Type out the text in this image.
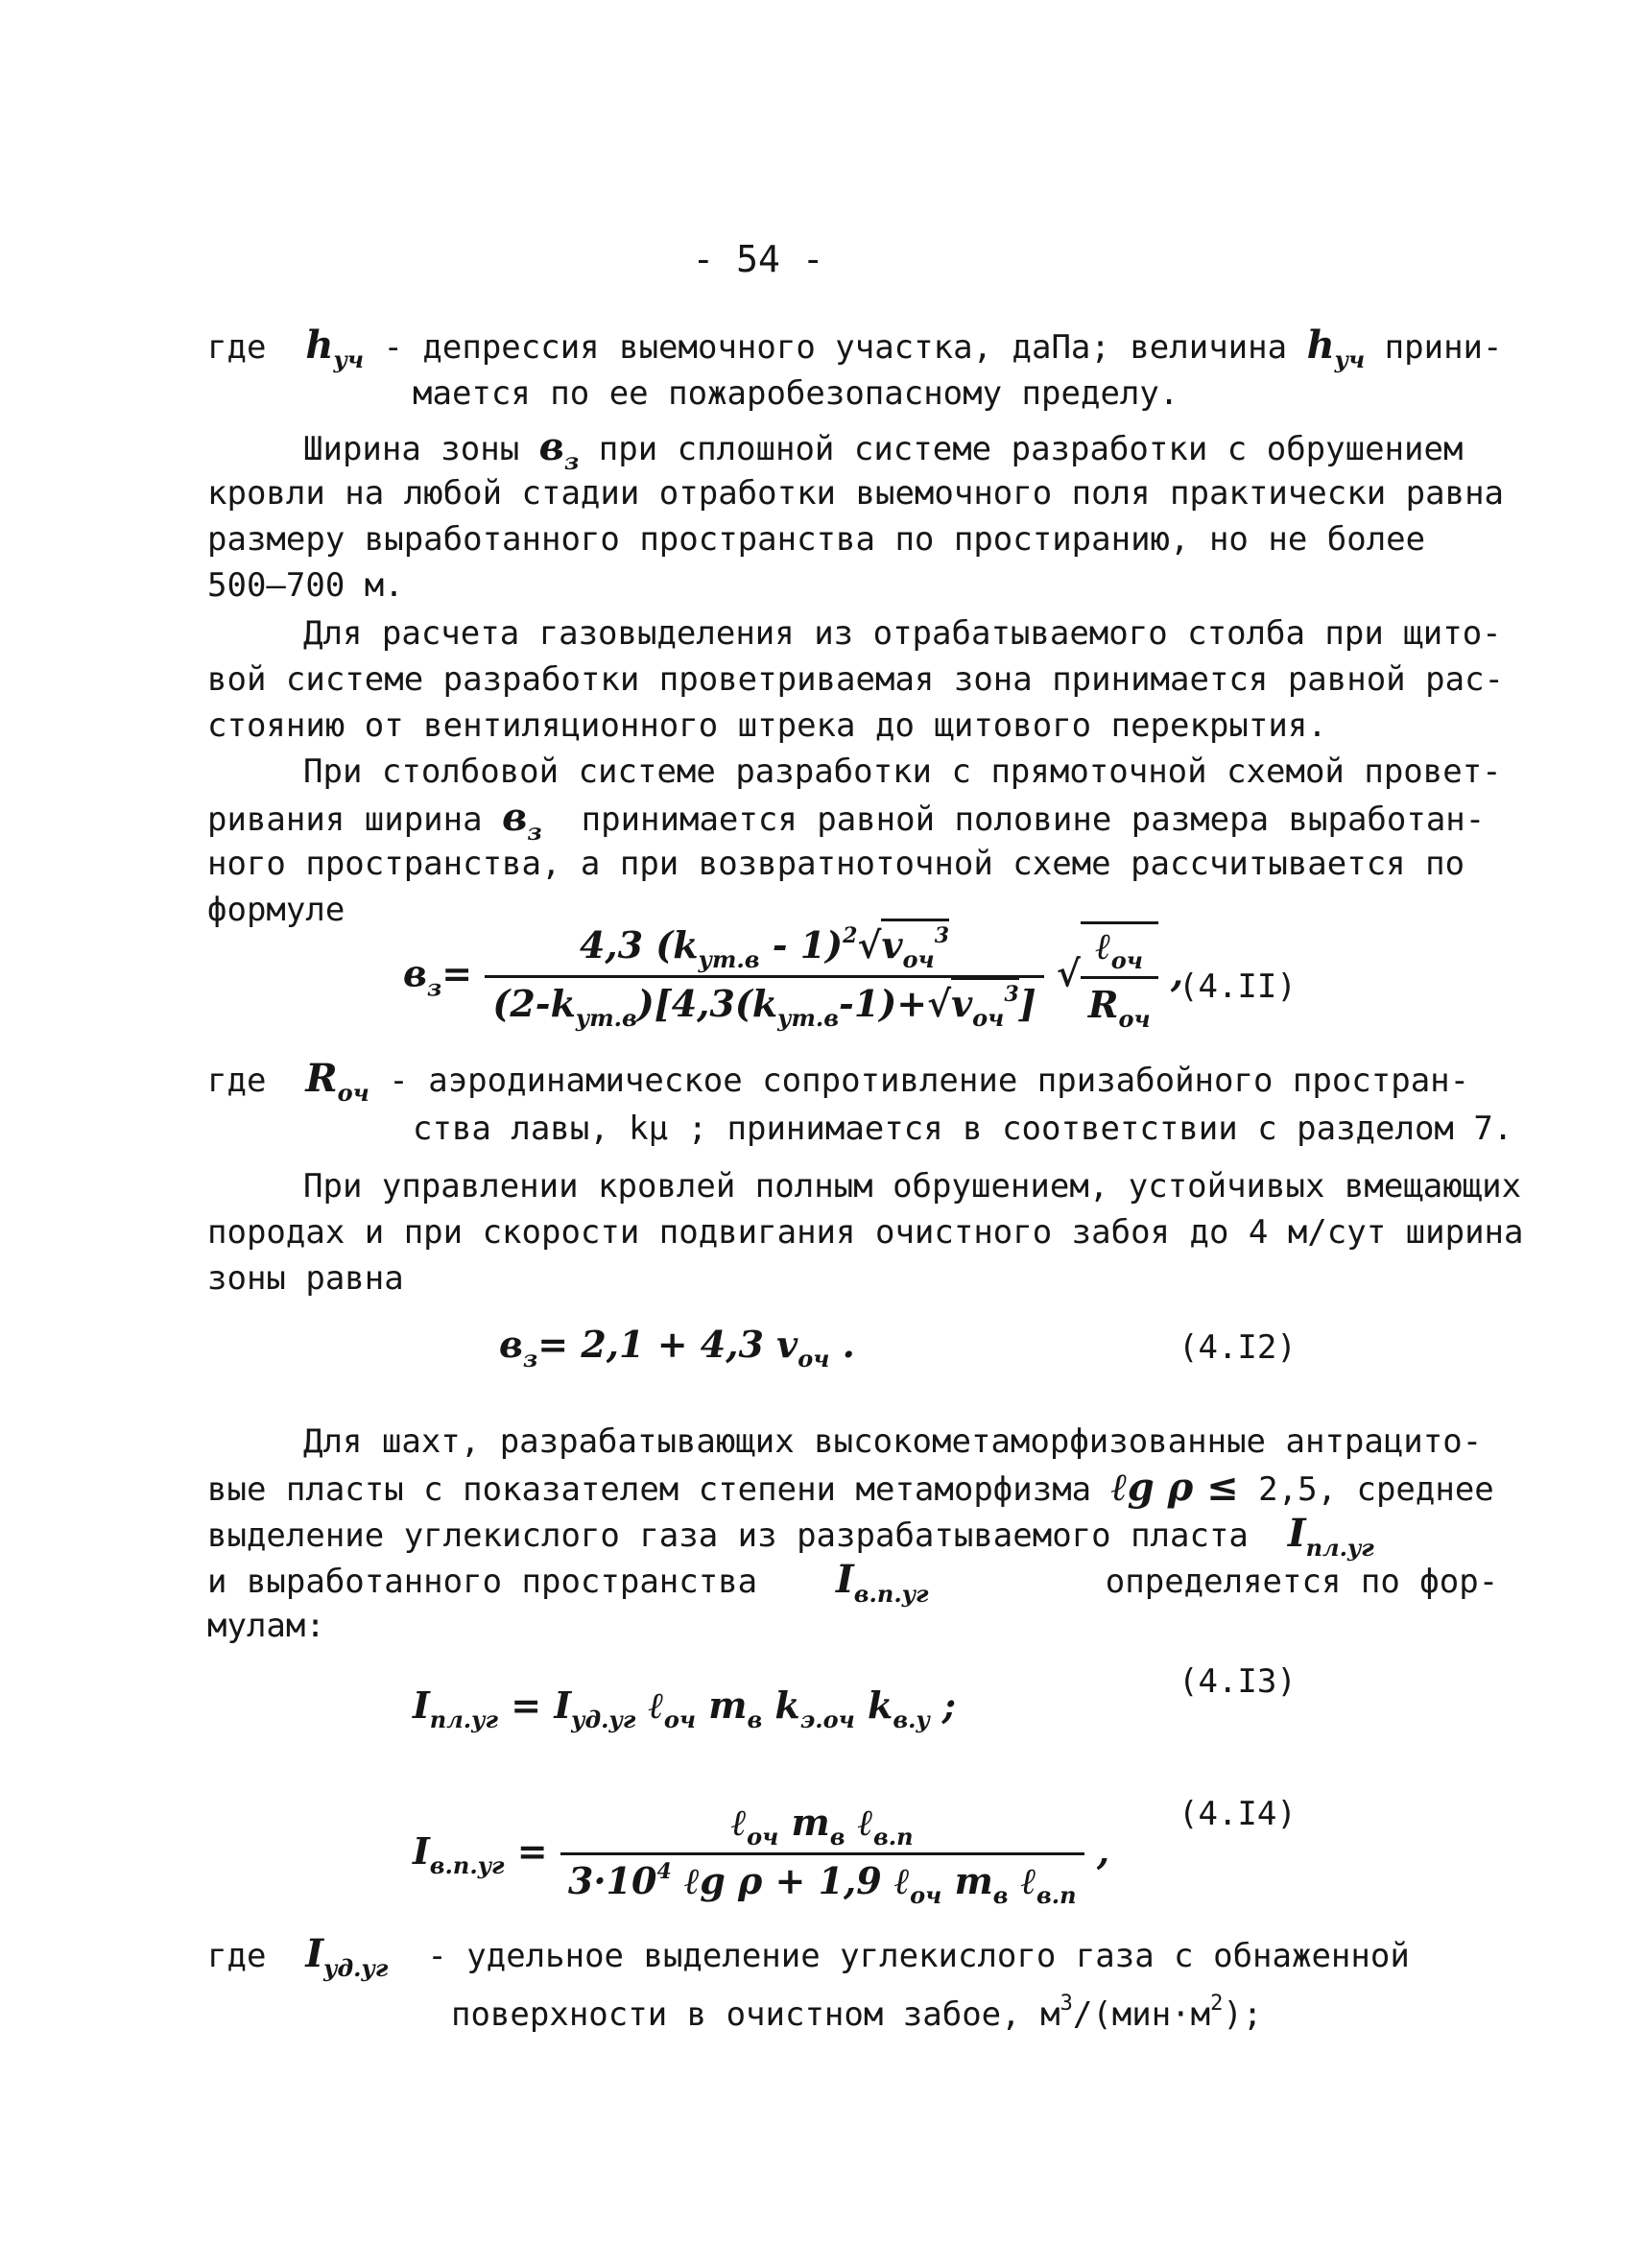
- 54 -
где $h_{уч}$ - депрессия выемочного участка, даПа; величина $h_{уч}$ прини-
мается по ее пожаробезопасному пределу.
Ширина зоны $в_з$ при сплошной системе разработки с обрушением
кровли на любой стадии отработки выемочного поля практически равна
размеру выработанного пространства по простиранию, но не более
500–700 м.
Для расчета газовыделения из отрабатываемого столба при щито-
вой системе разработки проветриваемая зона принимается равной рас-
стоянию от вентиляционного штрека до щитового перекрытия.
При столбовой системе разработки с прямоточной схемой провет-
ривания ширина $в_з$ принимается равной половине размера выработан-
ного пространства, а при возвратноточной схеме рассчитывается по
формуле
$в_з= \frac{4,3 (k_{ут.в} - 1)^2√v_{оч}^3}{(2-k_{ут.в})[4,3(k_{ут.в}-1)+√v_{оч}^3]}$ √ $\frac{\ell_{оч}}{R_{оч}}$ ,
(4.II)
где $R_{оч}$ - аэродинамическое сопротивление призабойного простран-
ства лавы, kμ ; принимается в соответствии с разделом 7.
При управлении кровлей полным обрушением, устойчивых вмещающих
породах и при скорости подвигания очистного забоя до 4 м/сут ширина
зоны равна
$в_з= 2,1 + 4,3$ $v_{оч}$ .	(4.I2)
Для шахт, разрабатывающих высокометаморфизованные антрацито-
вые пласты с показателем степени метаморфизма ℓg ρ ≤ 2,5, среднее
выделение углекислого газа из разрабатываемого пласта $I_{пл.уг}$
и выработанного пространства $I_{в.п.уг}$	определяется по фор-
мулам:
$I_{пл.уг} = I_{уд.уг}$ ℓ$_{оч}$ $m_в$ $k_{э.оч}$ $k_{в.у}$ ;
(4.I3)
$I_{в.п.уг} = \frac{\ell_{оч} m_в \ell_{в.п}}{3\cdot 10^4 \ell g \rho + 1,9 \ell_{оч} m_в \ell_{в.п}}$ ,
(4.I4)
где $I_{уд.уг}$ - удельное выделение углекислого газа с обнаженной
поверхности в очистном забое, $м^3/(мин\cdot м^2)$;
